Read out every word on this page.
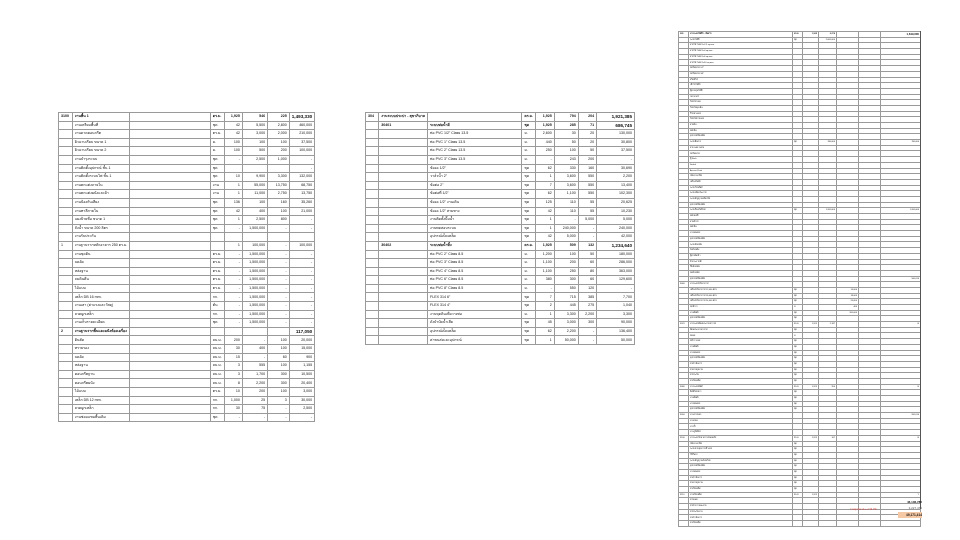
3100	งานพื้น 1		ตร.ม.	1,925	546	225	1,493,330
	งานเตรียมพื้นที่		ชุด	42	5,500	2,800	460,000
	งานดาดคอนกรีต		ตร.ม.	42	3,000	2,000	210,000
	ผิวฉาบเรียบ ขนาด 1		ม.	100	100	100	37,500
	ผิวฉาบเรียบ ขนาด 2		ม.	100	500	200	100,000
	งานบำรุงระบบ		ชุด	-	2,500	1,000	-
	งานติดตั้งอุปกรณ์ ชั้น 1		ชุด				-
	งานติดตั้งระบบไฟ ชั้น 1		ชุด	10	9,900	3,300	132,000
	งานตกแต่งภายใน		งาน	1	55,000	13,750	68,750
	งานตกแต่งผนังและฝ้า		งาน	1	11,000	2,750	13,750
	งานป้องกันเสียง		ชุด	136	100	160	35,260
	งานทาสีภายใน		ชุด	42	400	100	21,000
	แผงป้ายชื่อ ขนาด 1		ชุด	1	2,500	800	-
	ถังน้ำ ขนาด 200 ลิตร		ชุด	-	1,500,000	-	-
	งานรับประกัน						
1	งานฐานรากหลักอาคาร 250 ตร.ม.			1	100,000	-	100,000
	งานขุดดิน		ตร.ม.	-	1,500,000	-	-
	บดอัด		ตร.ม.	-	1,500,000	-	-
	หล่อฐาน		ตร.ม.	-	1,500,000	-	-
	ถมดินคืน		ตร.ม.	-	1,500,000	-	-
	ไม้แบบ		ตร.ม.	-	1,500,000	-	-
	เหล็ก DB 16 mm.		กก.	-	1,500,000	-	-
	งานเสา (ค่าแรงและวัสดุ)		ต้น	-	1,500,000	-	-
	ลวดผูกเหล็ก		กก.	-	1,500,000	-	-
	งานเก็บรายละเอียด		ชุด	-	1,500,000	-	-
2	งานฐานรากพื้นและผนังห้องเครื่อง						117,050
	ดินตัด		ลบ.ม.	200	-	100	20,000
	ทรายรอง		ลบ.ม.	30	400	100	15,000
	บดอัด		ลบ.ม.	15	-	60	900
	หล่อฐาน		ลบ.ม.	3	555	100	1,155
	คอนกรีตฐาน		ลบ.ม.	3	1,700	300	10,500
	คอนกรีตผนัง		ลบ.ม.	8	2,200	300	20,400
	ไม้แบบ		ตร.ม.	10	200	100	3,000
	เหล็ก DB 12 mm.		กก.	1,000	25	3	30,000
	ลวดผูกเหล็ก		กก.	30	75	-	2,500
	งานซ่อมแซมพื้นเดิม		ชุด	-	-	-	-
304	งานระบบประปา - สุขาภิบาล		ตร.ม.	1,925	794	204	1,921,385
	30401	ระบบท่อน้ำดี	ชุด	1,925	285	71	686,745
		ท่อ PVC 1/2" Class 13.5	ม.	2,600	30	20	130,000
		ท่อ PVC 1" Class 13.5	ม.	440	50	20	30,800
		ท่อ PVC 2" Class 13.5	ม.	250	100	50	37,500
		ท่อ PVC 3" Class 13.5	ม.	-	243	200	-
		ข้องอ 1/2"	ชุด	62	330	160	30,690
		วาล์วน้ำ 2"	ชุด	1	3,600	550	2,200
		ข้อต่อ 2"	ชุด	7	3,600	550	13,400
		ข้อต่อที่ 1/2"	ชุด	62	1,100	550	102,300
		ข้องอ 1/2" งานเดิน	ชุด	125	110	55	20,625
		ข้องอ 1/2" สามทาง	ชุด	42	110	55	10,230
		งานติดตั้งปั๊มน้ำ	ชุด	1	-	5,000	5,000
		งานทดสอบระบบ	ชุด	1	240,000	-	240,000
		อุปกรณ์เบ็ดเตล็ด	ชุด	42	5,000	-	42,000
	30402	ระบบท่อน้ำทิ้ง	ตร.ม.	1,925	509	132	1,234,640
		ท่อ PVC 2" Class 8.5	ม.	1,200	100	50	180,000
		ท่อ PVC 3" Class 8.5	ม.	1,100	200	60	286,000
		ท่อ PVC 4" Class 8.5	ม.	1,100	250	80	363,000
		ท่อ PVC 6" Class 8.5	ม.	380	300	60	129,600
		ท่อ PVC 8" Class 8.5	ม.	-	550	120	-
		FLEX 314 6"	ชุด	7	715	385	7,700
		FLEX 314 4"	ชุด	2	445	275	1,040
		งานขุดดินเพื่อวางท่อ	ม.	1	3,300	2,200	3,300
		ถังบำบัดน้ำเสีย	ชุด	45	3,000	300	90,000
		อุปกรณ์เบ็ดเตล็ด	ชุด	62	2,200	-	136,400
		ค่าขนส่งและอุปกรณ์	ชุด	1	50,000	-	50,000
305	งานระบบไฟฟ้า - สื่อสาร	ตร.ม.	1,925	2,279			1,649,600
	ระบบไฟฟ้า	ชุด		2,000,000			
	สายไฟ THW 1x2.5 sq.mm.						
	สายไฟ THW 1x4 sq.mm.						
	สายไฟ THW 1x6 sq.mm.						
	สายไฟ THW 1x10 sq.mm.						
	ท่อร้อยสาย 1/2"						
	ท่อร้อยสาย 3/4"						
	สวิตช์ไฟ						
	เต้ารับไฟฟ้า						
	ตู้ควบคุมไฟฟ้า						
	เบรกเกอร์						
	โคมไฟ LED						
	โคมไฟฉุกเฉิน						
	ป้ายทางออก						
	โคมไฟภายนอก						
	สายดิน						
	หลักดิน						
	อุปกรณ์เบ็ดเตล็ด						
	ระบบสื่อสาร	ชุด		780,000			780,000
	สาย LAN CAT6						
	ท่อร้อยสาย						
	ตู้ Rack						
	Switch						
	Access Point						
	กล้องวงจรปิด						
	เครื่องบันทึก						
	ระบบโทรศัพท์						
	ระบบเสียงประกาศ						
	ระบบสัญญาณเตือนไฟ						
	อุปกรณ์เบ็ดเตล็ด						
	ระบบป้องกันฟ้าผ่า	ชุด		1,200,000			1,200,000
	หลักล่อฟ้า						
	สายตัวนำ						
	หลักดิน						
	งานทดสอบ						
	อุปกรณ์เบ็ดเตล็ด						
	ระบบดับเพลิง						
	ถังดับเพลิง						
	ตู้สายฉีดน้ำ						
	หัวกระจายน้ำ						
	ปั๊มดับเพลิง						
	ท่อดับเพลิง						
	อุปกรณ์เบ็ดเตล็ด						560,010
3060	งานระบบปรับอากาศ						
	เครื่องปรับอากาศ 12,000 BTU	ชุด			14,000		
	เครื่องปรับอากาศ 18,000 BTU	ชุด			18,000		
	เครื่องปรับอากาศ 24,000 BTU	ชุด			24,000		
	ท่อน้ำยา	ม.			400		
	งานติดตั้ง	ชุด			200,000		
	อุปกรณ์เบ็ดเตล็ด	ชุด					
3070	งานระบบพัดลมระบายอากาศ	ตร.ม.	1,925	2,187			B
	พัดลมระบายอากาศ	ชุด					
	ท่อลม	ม.					
	หน้ากากลม	ชุด					
	งานติดตั้ง	ชุด					
	งานทดสอบ	ชุด					
	อุปกรณ์เบ็ดเตล็ด	ชุด					
	ค่าดำเนินการ	ชุด					
	ค่าควบคุมงาน	ชุด					
	ค่าประกัน	ชุด					
	ค่าเบ็ดเตล็ด	ชุด					
3080	งานระบบลิฟต์	ตร.ม.	1,925	350			B
	ลิฟต์โดยสาร	ชุด					
	งานติดตั้ง	ชุด					
	งานทดสอบ	ชุด					
	อุปกรณ์เบ็ดเตล็ด	ชุด					
3090	งานภายนอก						260,010
	งานถนน						
	งานรั้ว						
	งานภูมิทัศน์						
3100	งานระบบรักษาความปลอดภัย	ตร.ม.	1,925	167			B
	กล้องวงจรปิด	ชุด					
	ระบบควบคุมการเข้าออก	ชุด					
	ไม้กั้นรถ	ชุด					
	ระบบสัญญาณกันขโมย	ชุด					
	อุปกรณ์เบ็ดเตล็ด	ชุด					
	งานทดสอบ	ชุด					
	ค่าดำเนินการ	ชุด					
	ค่าควบคุมงาน	ชุด					
	ค่าเบ็ดเตล็ด	ชุด					
3110	งานเบ็ดเตล็ด	ตร.ม.	1,925				Y
	ค่าขนส่ง						
	ค่าทำความสะอาด						
	ค่าประกันงาน						
	ค่าดำเนินการ						
	ค่าเบ็ดเตล็ด						
46,106,780
3,227,475
รวมทุกหมวด + ภาษี 7%
49,171,414
